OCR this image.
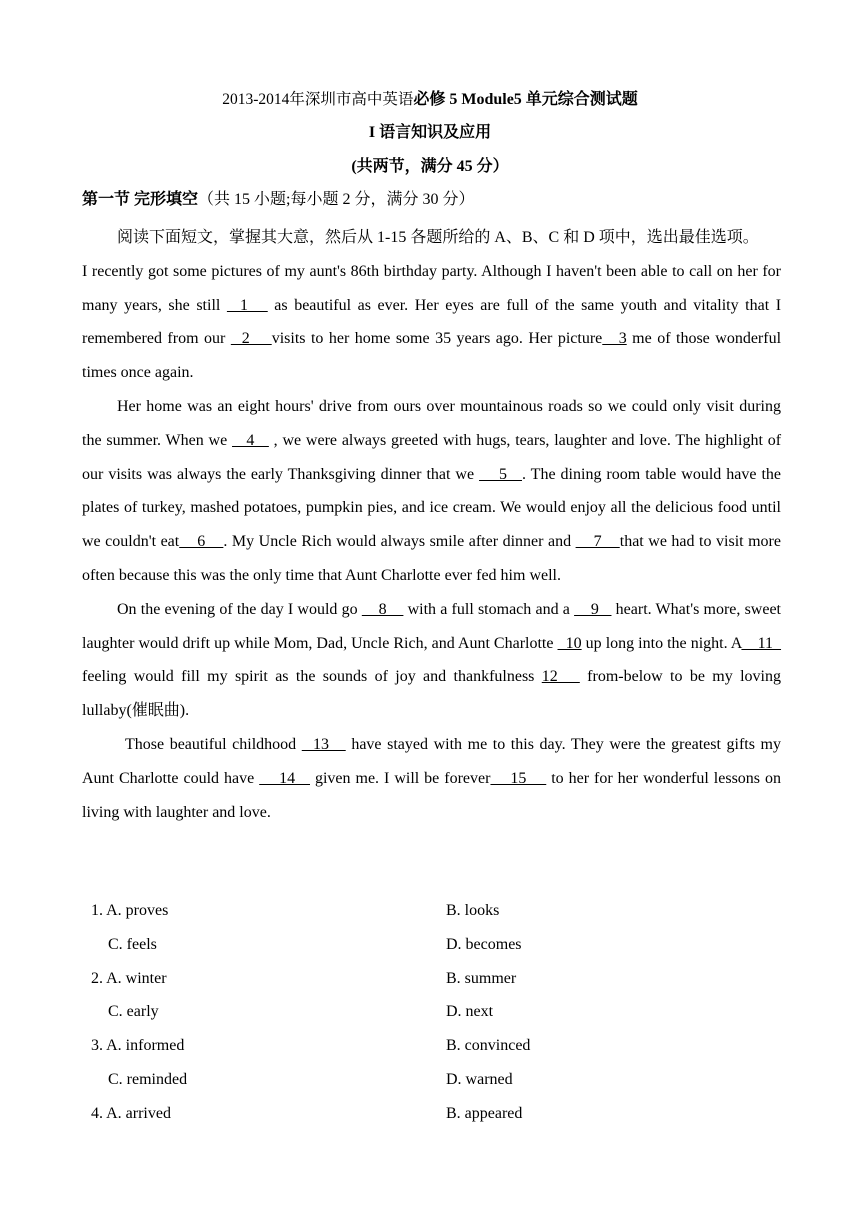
2013-2014年深圳市高中英语必修 5 Module5 单元综合测试题
I 语言知识及应用
(共两节，满分 45 分）
第一节 完形填空（共 15 小题;每小题 2 分，满分 30 分）

阅读下面短文，掌握其大意，然后从 1-15 各题所给的 A、B、C 和 D 项中，选出最佳选项。

I recently got some pictures of my aunt's 86th birthday party. Although I haven't been able to call on her for many years, she still   1    as beautiful as ever. Her eyes are full of the same youth and vitality that I remembered from our   2    visits to her home some 35 years ago. Her picture   3 me of those wonderful times once again.

Her home was an eight hours' drive from ours over mountainous roads so we could only visit during the summer. When we    4    , we were always greeted with hugs, tears, laughter and love. The highlight of our visits was always the early Thanksgiving dinner that we     5   . The dining room table would have the plates of turkey, mashed potatoes, pumpkin pies, and ice cream. We would enjoy all the delicious food until we couldn't eat    6    . My Uncle Rich would always smile after dinner and     7    that we had to visit more often because this was the only time that Aunt Charlotte ever fed him well.

On the evening of the day I would go     8     with a full stomach and a     9    heart. What's more, sweet laughter would drift up while Mom, Dad, Uncle Rich, and Aunt Charlotte   10 up long into the night. A    11   feeling would fill my spirit as the sounds of joy and thankfulness 12    from-below to be my loving lullaby(催眠曲).

Those beautiful childhood   13    have stayed with me to this day. They were the greatest gifts my Aunt Charlotte could have     14    given me. I will be forever    15     to her for her wonderful lessons on living with laughter and love.

1. A. proves	B. looks
C. feels	D. becomes
2. A. winter	B. summer
C. early	D. next
3. A. informed	B. convinced
C. reminded	D. warned
4. A. arrived	B. appeared
